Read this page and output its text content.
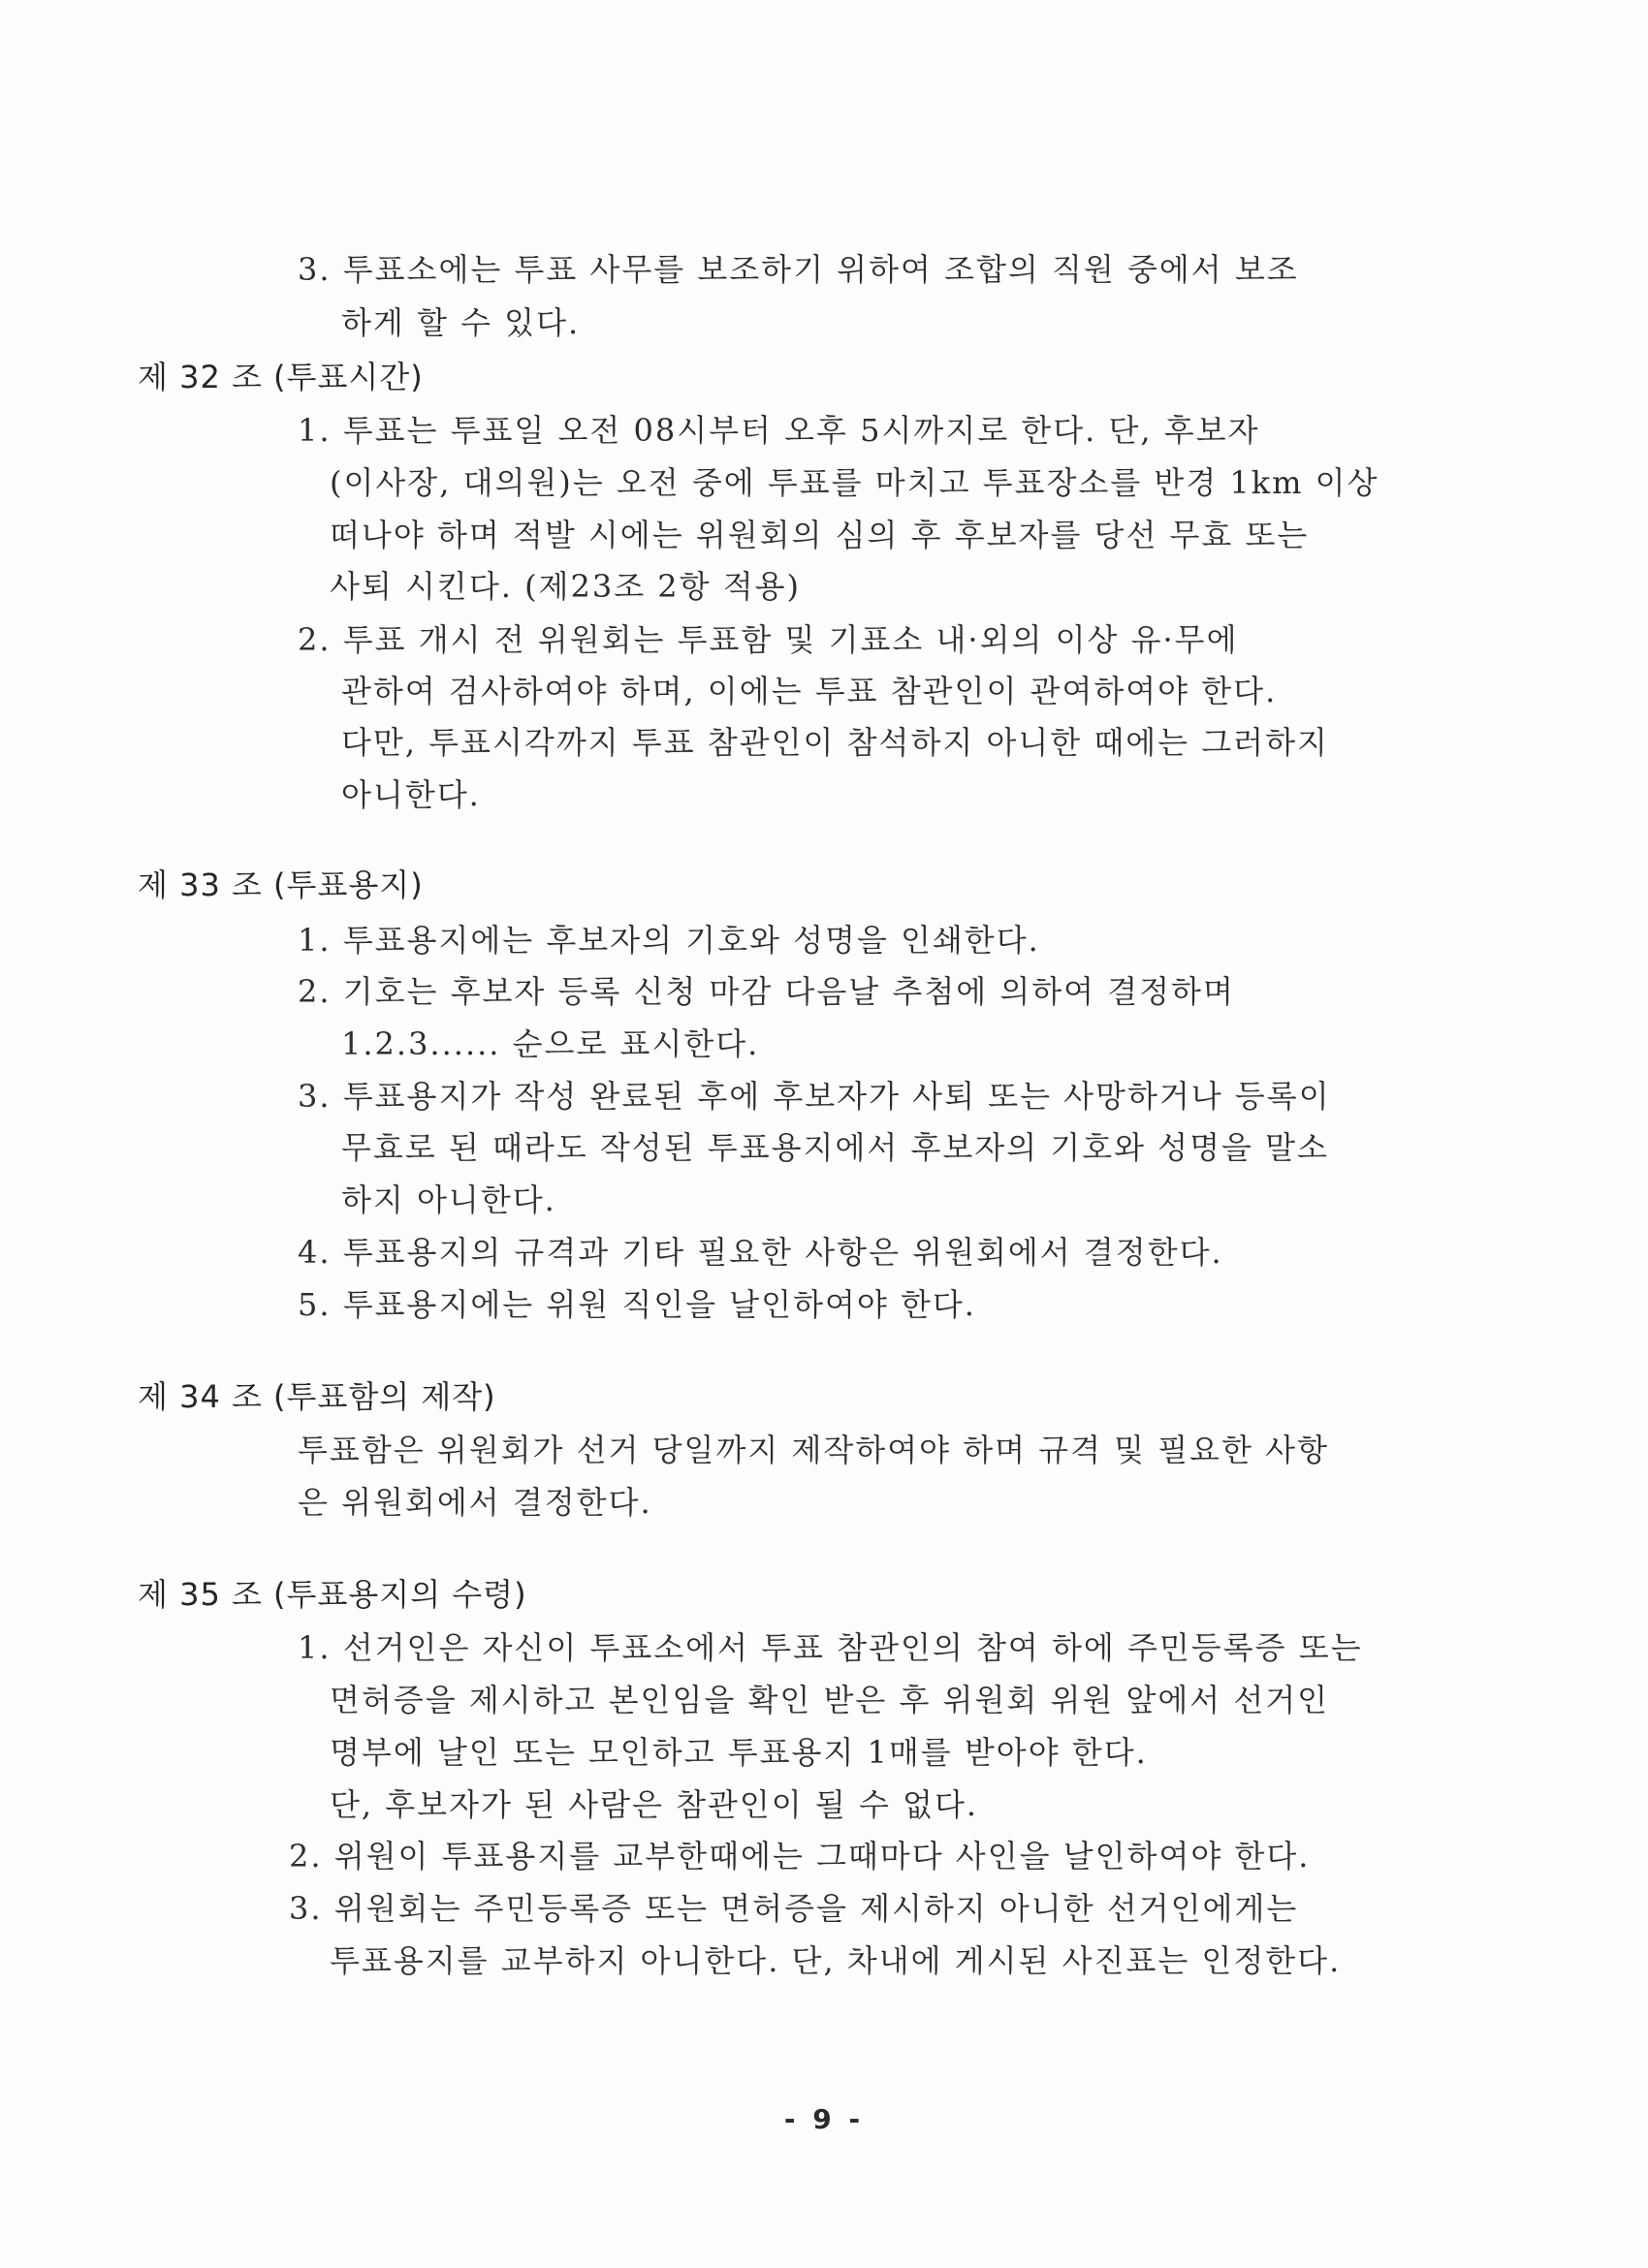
3. 투표소에는 투표 사무를 보조하기 위하여 조합의 직원 중에서 보조
하게 할 수 있다.
제 32 조 (투표시간)
1. 투표는 투표일 오전 08시부터 오후 5시까지로 한다. 단, 후보자
(이사장, 대의원)는 오전 중에 투표를 마치고 투표장소를 반경 1km 이상
떠나야 하며 적발 시에는 위원회의 심의 후 후보자를 당선 무효 또는
사퇴 시킨다. (제23조 2항 적용)
2. 투표 개시 전 위원회는 투표함 및 기표소 내·외의 이상 유·무에
관하여 검사하여야 하며, 이에는 투표 참관인이 관여하여야 한다.
다만, 투표시각까지 투표 참관인이 참석하지 아니한 때에는 그러하지
아니한다.
제 33 조 (투표용지)
1. 투표용지에는 후보자의 기호와 성명을 인쇄한다.
2. 기호는 후보자 등록 신청 마감 다음날 추첨에 의하여 결정하며
1.2.3...... 순으로 표시한다.
3. 투표용지가 작성 완료된 후에 후보자가 사퇴 또는 사망하거나 등록이
무효로 된 때라도 작성된 투표용지에서 후보자의 기호와 성명을 말소
하지 아니한다.
4. 투표용지의 규격과 기타 필요한 사항은 위원회에서 결정한다.
5. 투표용지에는 위원 직인을 날인하여야 한다.
제 34 조 (투표함의 제작)
투표함은 위원회가 선거 당일까지 제작하여야 하며 규격 및 필요한 사항
은 위원회에서 결정한다.
제 35 조 (투표용지의 수령)
1. 선거인은 자신이 투표소에서 투표 참관인의 참여 하에 주민등록증 또는
면허증을 제시하고 본인임을 확인 받은 후 위원회 위원 앞에서 선거인
명부에 날인 또는 모인하고 투표용지 1매를 받아야 한다.
단, 후보자가 된 사람은 참관인이 될 수 없다.
2. 위원이 투표용지를 교부한때에는 그때마다 사인을 날인하여야 한다.
3. 위원회는 주민등록증 또는 면허증을 제시하지 아니한 선거인에게는
투표용지를 교부하지 아니한다. 단, 차내에 게시된 사진표는 인정한다.
- 9 -
